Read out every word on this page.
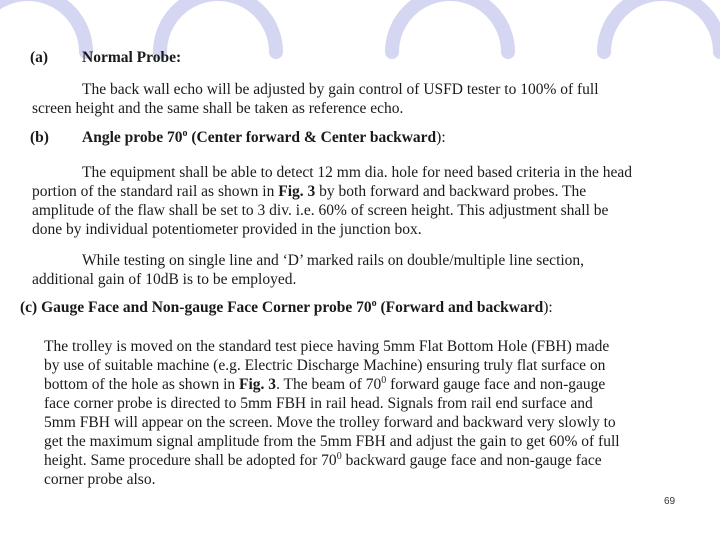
(a) Normal Probe:
The back wall echo will be adjusted by gain control of USFD tester to 100% of full
screen height and the same shall be taken as reference echo.
(b) Angle probe 70$^o$ (Center forward & Center backward):
The equipment shall be able to detect 12 mm dia. hole for need based criteria in the head
portion of the standard rail as shown in Fig. 3 by both forward and backward probes. The
amplitude of the flaw shall be set to 3 div. i.e. 60% of screen height. This adjustment shall be
done by individual potentiometer provided in the junction box.
While testing on single line and ‘D’ marked rails on double/multiple line section,
additional gain of 10dB is to be employed.
(c) Gauge Face and Non-gauge Face Corner probe 70$^o$ (Forward and backward):
The trolley is moved on the standard test piece having 5mm Flat Bottom Hole (FBH) made
by use of suitable machine (e.g. Electric Discharge Machine) ensuring truly flat surface on
bottom of the hole as shown in Fig. 3. The beam of $70^0$ forward gauge face and non-gauge
face corner probe is directed to 5mm FBH in rail head. Signals from rail end surface and
5mm FBH will appear on the screen. Move the trolley forward and backward very slowly to
get the maximum signal amplitude from the 5mm FBH and adjust the gain to get 60% of full
height. Same procedure shall be adopted for $70^0$ backward gauge face and non-gauge face
corner probe also.
69
